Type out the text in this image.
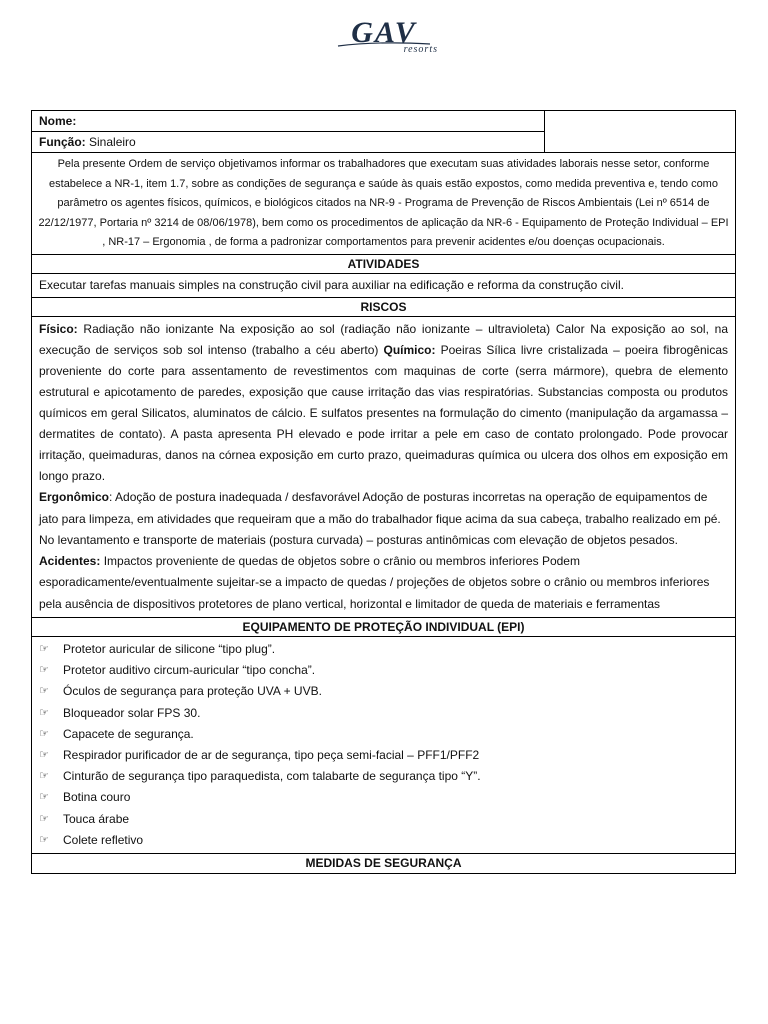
GAV
resorts
Nome:
Função: Sinaleiro
Pela presente Ordem de serviço objetivamos informar os trabalhadores que executam suas atividades laborais nesse setor, conforme estabelece a NR-1, item 1.7, sobre as condições de segurança e saúde às quais estão expostos, como medida preventiva e, tendo como parâmetro os agentes físicos, químicos, e biológicos citados na NR-9 - Programa de Prevenção de Riscos Ambientais (Lei nº 6514 de 22/12/1977, Portaria nº 3214 de 08/06/1978), bem como os procedimentos de aplicação da NR-6 - Equipamento de Proteção Individual – EPI , NR-17 – Ergonomia , de forma a padronizar comportamentos para prevenir acidentes e/ou doenças ocupacionais.
ATIVIDADES
Executar tarefas manuais simples na construção civil para auxiliar na edificação e reforma da construção civil.
RISCOS

Físico: Radiação não ionizante Na exposição ao sol (radiação não ionizante – ultravioleta) Calor Na exposição ao sol, na execução de serviços sob sol intenso (trabalho a céu aberto) Químico: Poeiras Sílica livre cristalizada – poeira fibrogênicas proveniente do corte para assentamento de revestimentos com maquinas de corte (serra mármore), quebra de elemento estrutural e apicotamento de paredes, exposição que cause irritação das vias respiratórias. Substancias composta ou produtos químicos em geral Silicatos, aluminatos de cálcio. E sulfatos presentes na formulação do cimento (manipulação da argamassa – dermatites de contato). A pasta apresenta PH elevado e pode irritar a pele em caso de contato prolongado. Pode provocar irritação, queimaduras, danos na córnea exposição em curto prazo, queimaduras química ou ulcera dos olhos em exposição em longo prazo.

Ergonômico: Adoção de postura inadequada / desfavorável Adoção de posturas incorretas na operação de equipamentos de jato para limpeza, em atividades que requeiram que a mão do trabalhador fique acima da sua cabeça, trabalho realizado em pé. No levantamento e transporte de materiais (postura curvada) – posturas antinômicas com elevação de objetos pesados.

Acidentes: Impactos proveniente de quedas de objetos sobre o crânio ou membros inferiores Podem esporadicamente/eventualmente sujeitar-se a impacto de quedas / projeções de objetos sobre o crânio ou membros inferiores pela ausência de dispositivos protetores de plano vertical, horizontal e limitador de queda de materiais e ferramentas

EQUIPAMENTO DE PROTEÇÃO INDIVIDUAL (EPI)
☞ Protetor auricular de silicone “tipo plug”.
☞ Protetor auditivo circum-auricular “tipo concha”.
☞ Óculos de segurança para proteção UVA + UVB.
☞ Bloqueador solar FPS 30.
☞ Capacete de segurança.
☞ Respirador purificador de ar de segurança, tipo peça semi-facial – PFF1/PFF2
☞ Cinturão de segurança tipo paraquedista, com talabarte de segurança tipo “Y”.
☞ Botina couro
☞ Touca árabe
☞ Colete refletivo
MEDIDAS DE SEGURANÇA
